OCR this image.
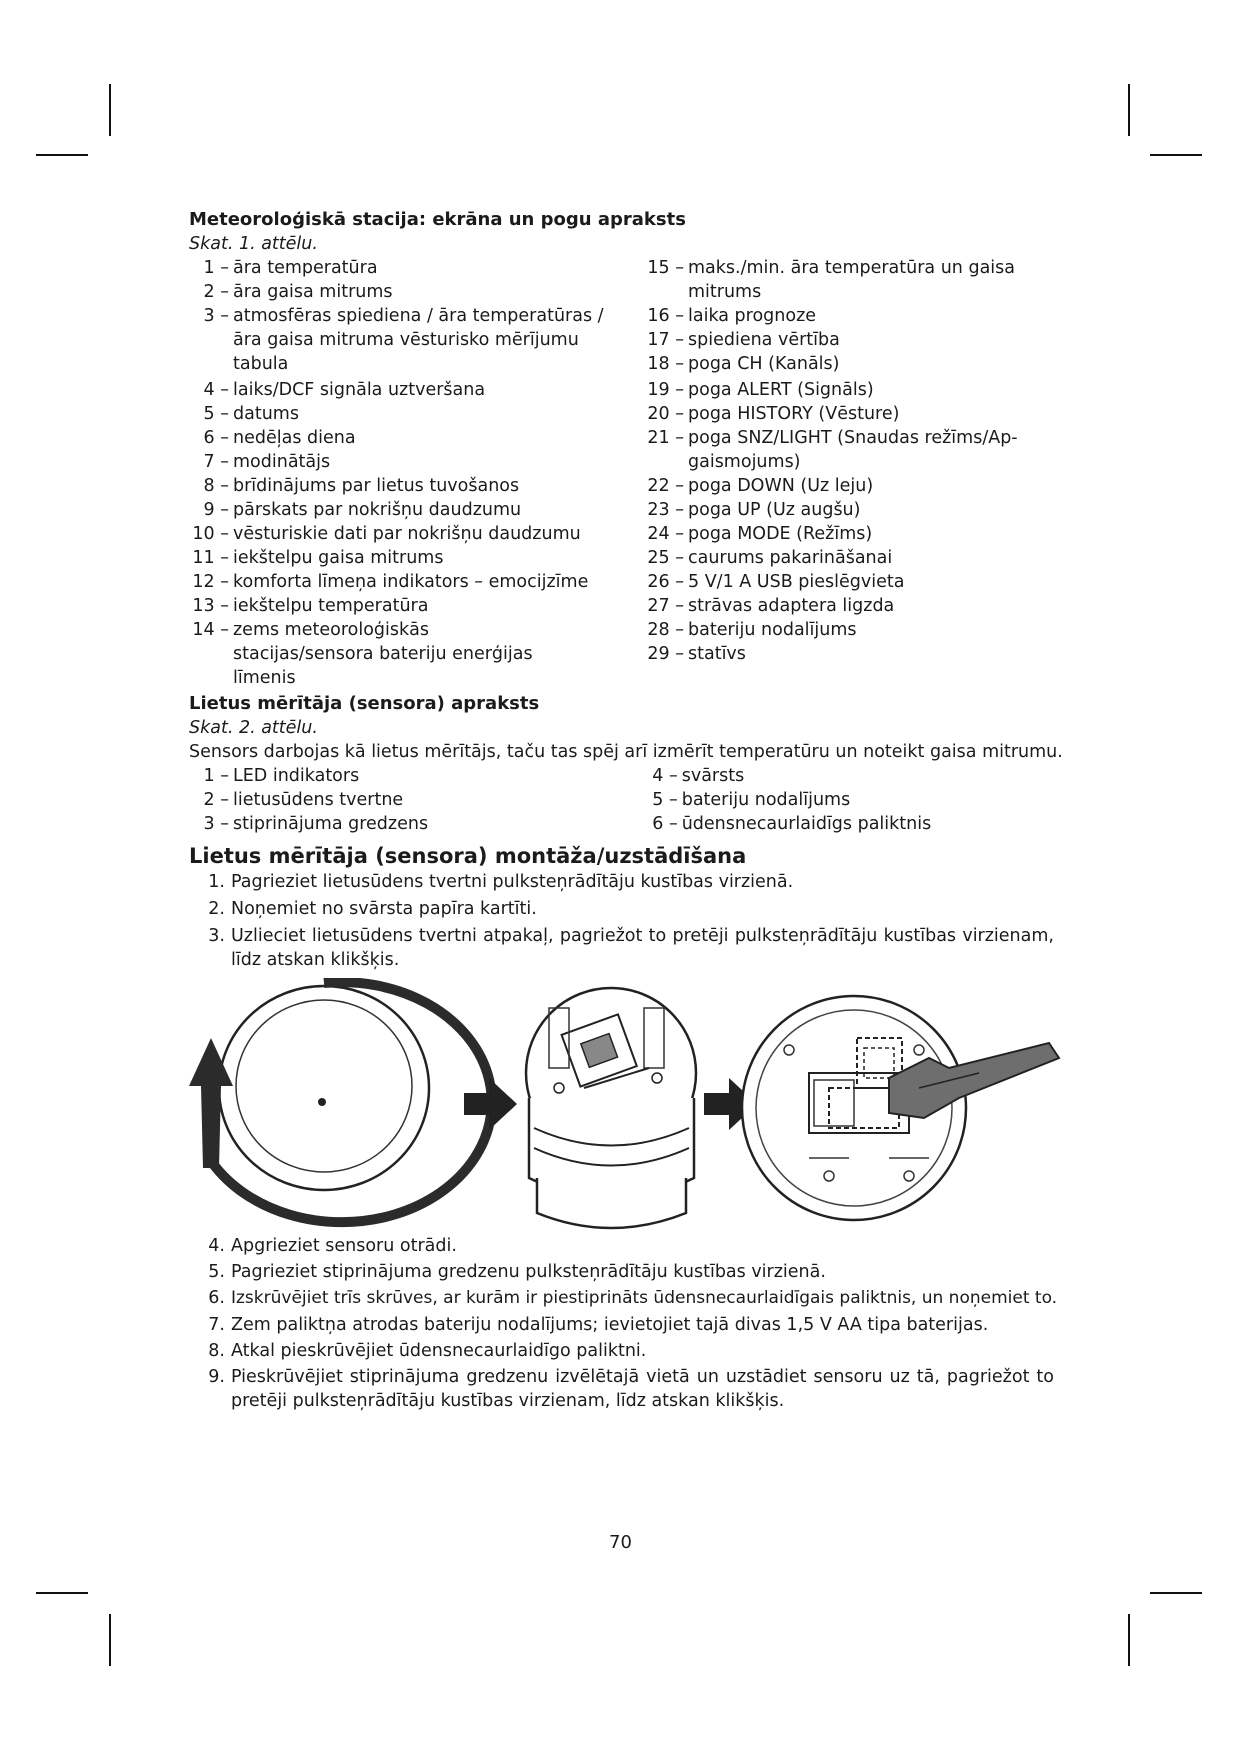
Meteoroloģiskā stacija: ekrāna un pogu apraksts

Skat. 1. attēlu.

1 – āra temperatūra
2 – āra gaisa mitrums
3 – atmosfēras spiediena / āra temperatūras / āra gaisa mitruma vēsturisko mērījumu tabula
4 – laiks/DCF signāla uztveršana
5 – datums
6 – nedēļas diena
7 – modinātājs
8 – brīdinājums par lietus tuvošanos
9 – pārskats par nokrišņu daudzumu
10 – vēsturiskie dati par nokrišņu daudzumu
11 – iekštelpu gaisa mitrums
12 – komforta līmeņa indikators – emocijzīme
13 – iekštelpu temperatūra
14 – zems meteoroloģiskās stacijas/sensora bateriju enerģijas līmenis
15 – maks./min. āra temperatūra un gaisa mitrums
16 – laika prognoze
17 – spiediena vērtība
18 – poga CH (Kanāls)
19 – poga ALERT (Signāls)
20 – poga HISTORY (Vēsture)
21 – poga SNZ/LIGHT (Snaudas režīms/Ap-gaismojums)
22 – poga DOWN (Uz leju)
23 – poga UP (Uz augšu)
24 – poga MODE (Režīms)
25 – caurums pakarināšanai
26 – 5 V/1 A USB pieslēgvieta
27 – strāvas adaptera ligzda
28 – bateriju nodalījums
29 – statīvs

Lietus mērītāja (sensora) apraksts

Skat. 2. attēlu.

Sensors darbojas kā lietus mērītājs, taču tas spēj arī izmērīt temperatūru un noteikt gaisa mitrumu.

1 – LED indikators
2 – lietusūdens tvertne
3 – stiprinājuma gredzens
4 – svārsts
5 – bateriju nodalījums
6 – ūdensnecaurlaidīgs paliktnis

Lietus mērītāja (sensora) montāža/uzstādīšana

1. Pagrieziet lietusūdens tvertni pulksteņrādītāju kustības virzienā.
2. Noņemiet no svārsta papīra kartīti.
3. Uzlieciet lietusūdens tvertni atpakaļ, pagriežot to pretēji pulksteņrādītāju kustības virzienam, līdz atskan klikšķis.
4. Apgrieziet sensoru otrādi.
5. Pagrieziet stiprinājuma gredzenu pulksteņrādītāju kustības virzienā.
6. Izskrūvējiet trīs skrūves, ar kurām ir piestiprināts ūdensnecaurlaidīgais paliktnis, un noņemiet to.
7. Zem paliktņa atrodas bateriju nodalījums; ievietojiet tajā divas 1,5 V AA tipa baterijas.
8. Atkal pieskrūvējiet ūdensnecaurlaidīgo paliktni.
9. Pieskrūvējiet stiprinājuma gredzenu izvēlētajā vietā un uzstādiet sensoru uz tā, pagriežot to pretēji pulksteņrādītāju kustības virzienam, līdz atskan klikšķis.
70
